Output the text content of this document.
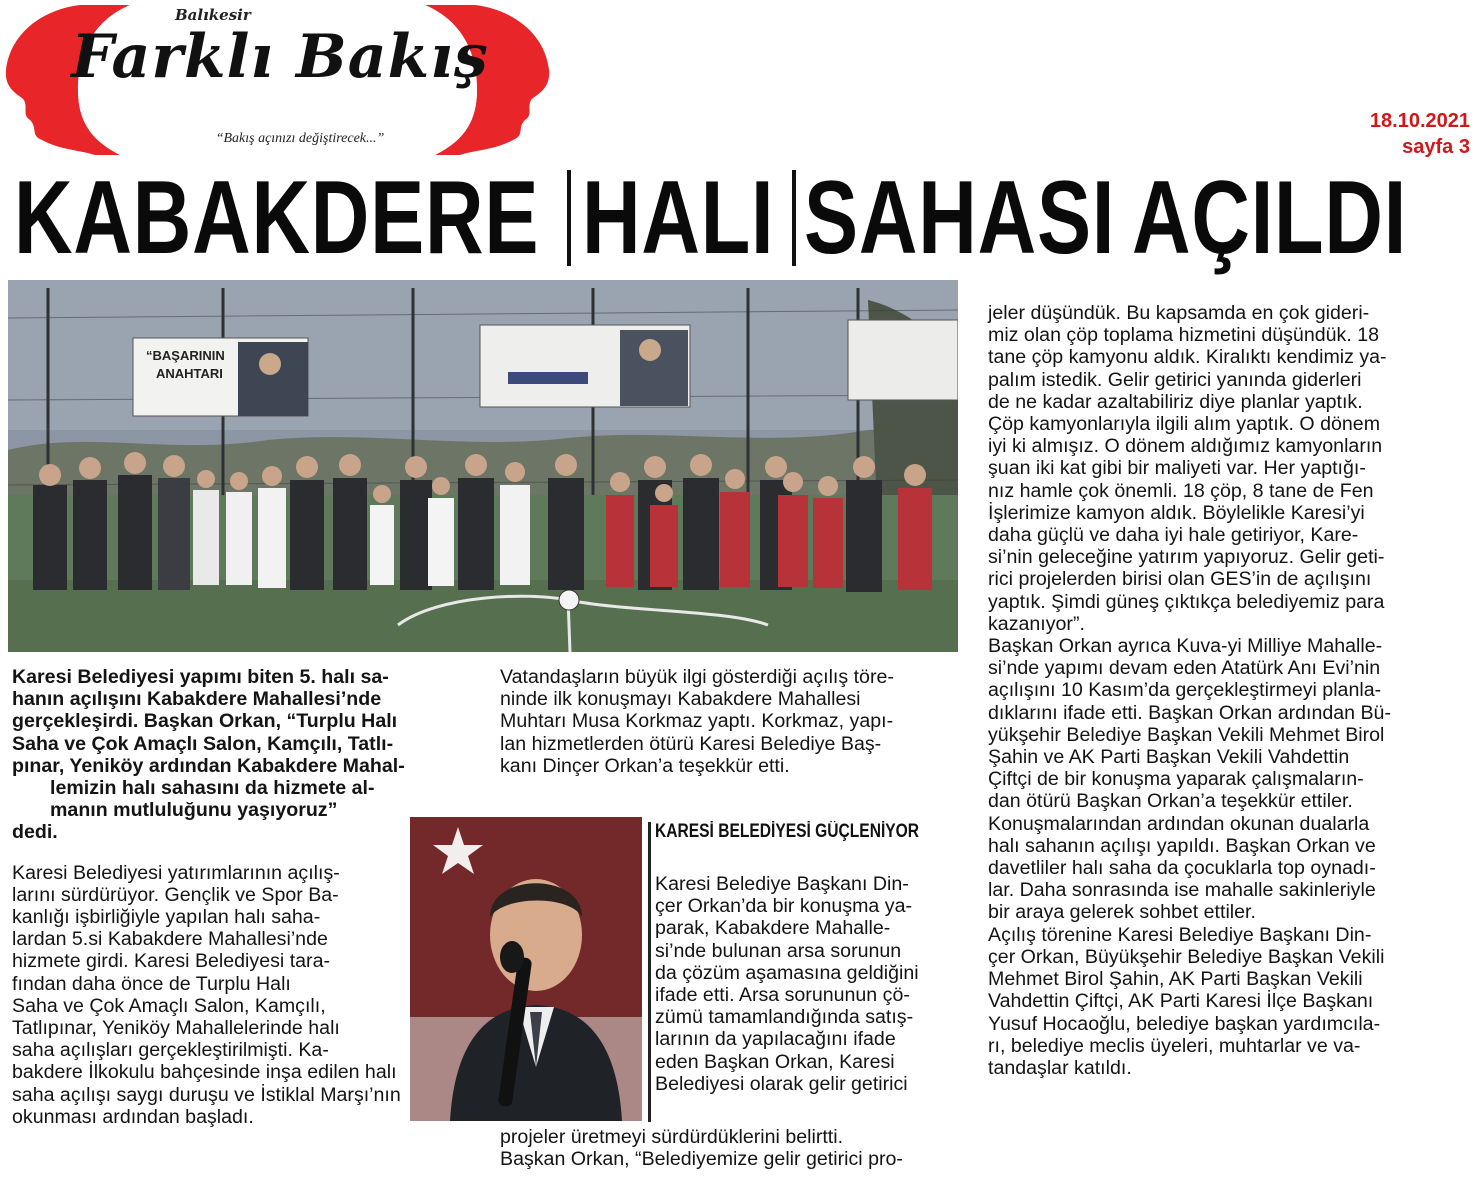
Balıkesir
Farklı Bakış
“Bakış açınızı değiştirecek...”
18.10.2021
sayfa 3
KABAKDERE HALI SAHASI AÇILDI
“BAŞARININ
ANAHTARI

jeler düşündük. Bu kapsamda en çok gideri-

miz olan çöp toplama hizmetini düşündük. 18

tane çöp kamyonu aldık. Kiralıktı kendimiz ya-

palım istedik. Gelir getirici yanında giderleri

de ne kadar azaltabiliriz diye planlar yaptık.

Çöp kamyonlarıyla ilgili alım yaptık. O dönem

iyi ki almışız. O dönem aldığımız kamyonların

şuan iki kat gibi bir maliyeti var. Her yaptığı-

nız hamle çok önemli. 18 çöp, 8 tane de Fen

İşlerimize kamyon aldık. Böylelikle Karesi’yi

daha güçlü ve daha iyi hale getiriyor, Kare-

si’nin geleceğine yatırım yapıyoruz. Gelir geti-

rici projelerden birisi olan GES’in de açılışını

yaptık. Şimdi güneş çıktıkça belediyemiz para

kazanıyor”.

Başkan Orkan ayrıca Kuva-yi Milliye Mahalle-

si’nde yapımı devam eden Atatürk Anı Evi’nin

açılışını 10 Kasım’da gerçekleştirmeyi planla-

dıklarını ifade etti. Başkan Orkan ardından Bü-

yükşehir Belediye Başkan Vekili Mehmet Birol

Şahin ve AK Parti Başkan Vekili Vahdettin

Çiftçi de bir konuşma yaparak çalışmaların-

dan ötürü Başkan Orkan’a teşekkür ettiler.

Konuşmalarından ardından okunan dualarla

halı sahanın açılışı yapıldı. Başkan Orkan ve

davetliler halı saha da çocuklarla top oynadı-

lar. Daha sonrasında ise mahalle sakinleriyle

bir araya gelerek sohbet ettiler.

Açılış törenine Karesi Belediye Başkanı Din-

çer Orkan, Büyükşehir Belediye Başkan Vekili

Mehmet Birol Şahin, AK Parti Başkan Vekili

Vahdettin Çiftçi, AK Parti Karesi İlçe Başkanı

Yusuf Hocaoğlu, belediye başkan yardımcıla-

rı, belediye meclis üyeleri, muhtarlar ve va-

tandaşlar katıldı.

Karesi Belediyesi yapımı biten 5. halı sa-

hanın açılışını Kabakdere Mahallesi’nde

gerçekleşirdi. Başkan Orkan, “Turplu Halı

Saha ve Çok Amaçlı Salon, Kamçılı, Tatlı-

pınar, Yeniköy ardından Kabakdere Mahal-

lemizin halı sahasını da hizmete al-

manın mutluluğunu yaşıyoruz”

dedi.

Karesi Belediyesi yatırımlarının açılış-

larını sürdürüyor. Gençlik ve Spor Ba-

kanlığı işbirliğiyle yapılan halı saha-

lardan 5.si Kabakdere Mahallesi’nde

hizmete girdi. Karesi Belediyesi tara-

fından daha önce de Turplu Halı

Saha ve Çok Amaçlı Salon, Kamçılı,

Tatlıpınar, Yeniköy Mahallelerinde halı

saha açılışları gerçekleştirilmişti. Ka-

bakdere İlkokulu bahçesinde inşa edilen halı

saha açılışı saygı duruşu ve İstiklal Marşı’nın

okunması ardından başladı.

Vatandaşların büyük ilgi gösterdiği açılış töre-

ninde ilk konuşmayı Kabakdere Mahallesi

Muhtarı Musa Korkmaz yaptı. Korkmaz, yapı-

lan hizmetlerden ötürü Karesi Belediye Baş-

kanı Dinçer Orkan’a teşekkür etti.

KARESİ BELEDİYESİ GÜÇLENİYOR

Karesi Belediye Başkanı Din-

çer Orkan’da bir konuşma ya-

parak, Kabakdere Mahalle-

si’nde bulunan arsa sorunun

da çözüm aşamasına geldiğini

ifade etti. Arsa sorununun çö-

zümü tamamlandığında satış-

larının da yapılacağını ifade

eden Başkan Orkan, Karesi

Belediyesi olarak gelir getirici

projeler üretmeyi sürdürdüklerini belirtti.

Başkan Orkan, “Belediyemize gelir getirici pro-
